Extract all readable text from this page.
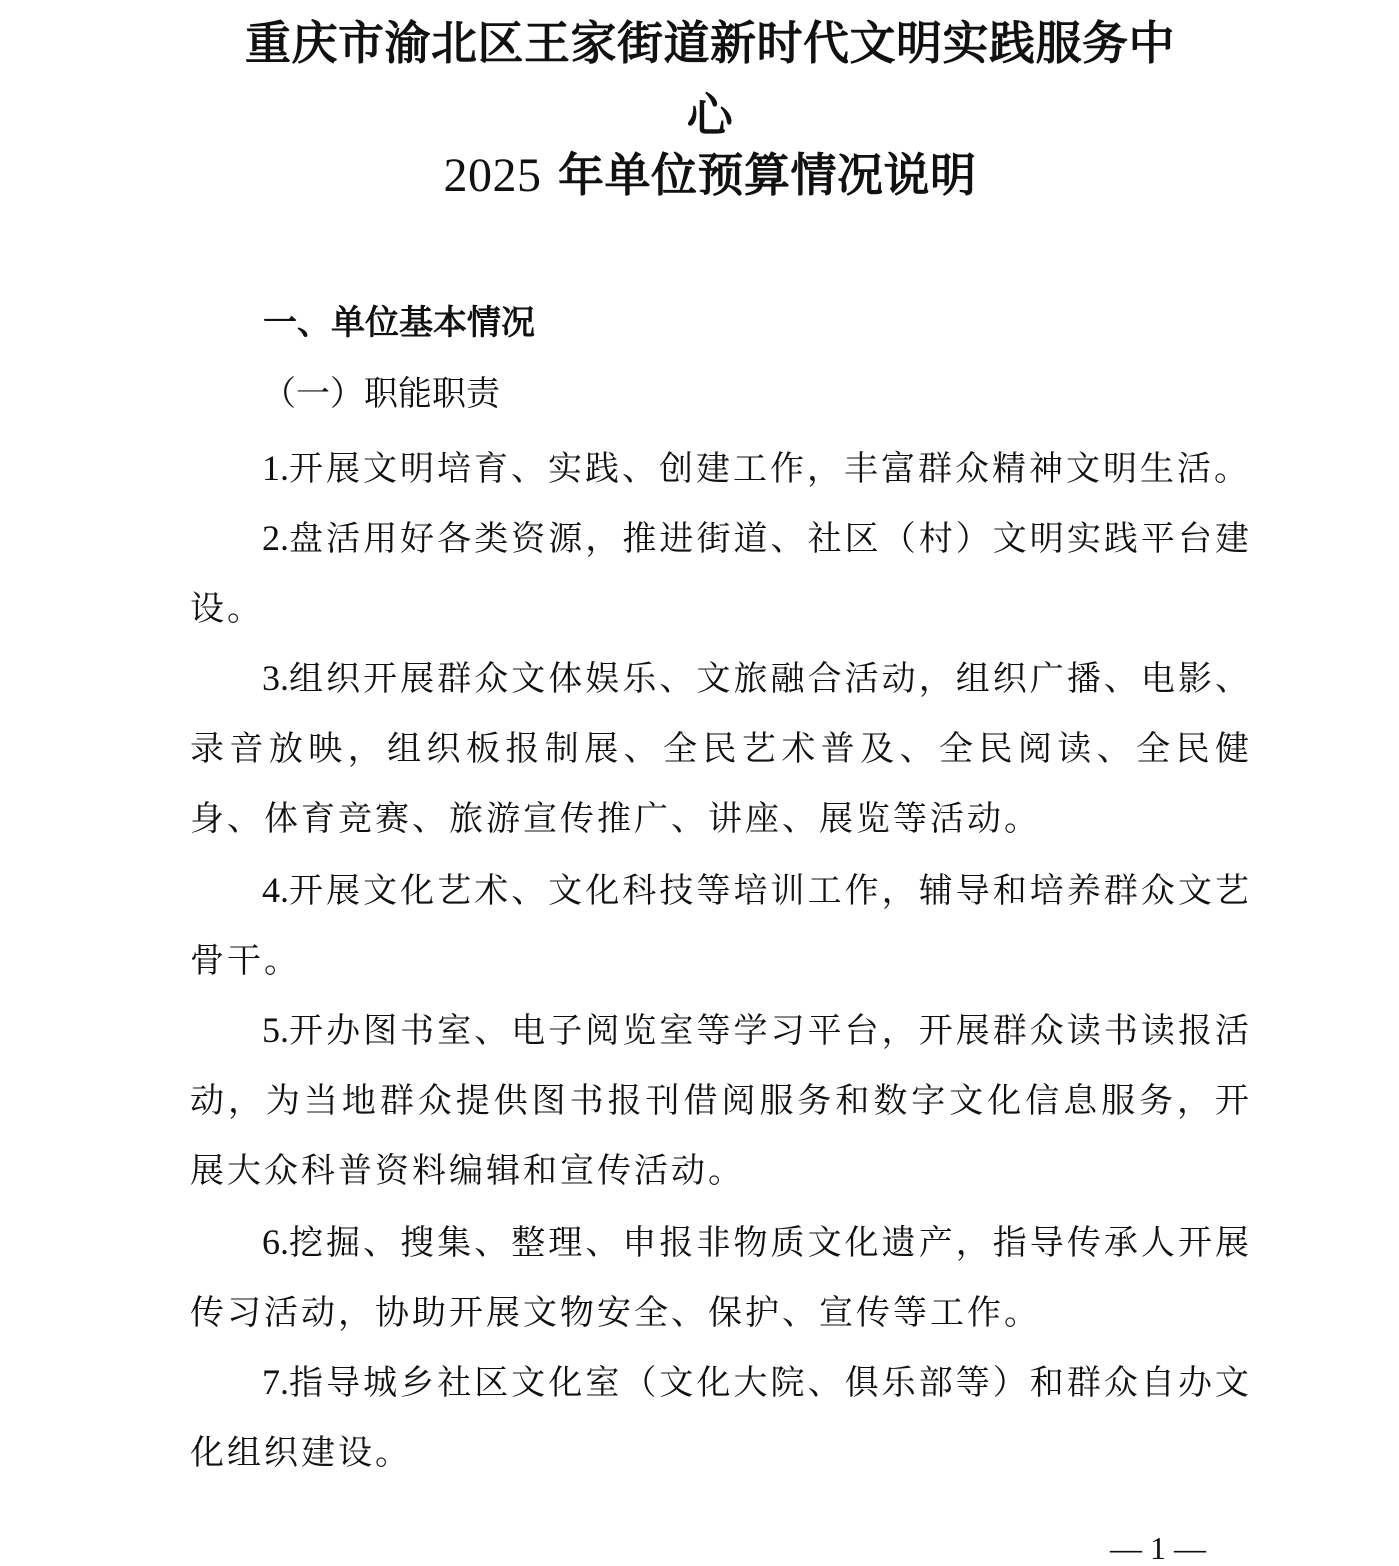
重庆市渝北区王家街道新时代文明实践服务中
心
2025 年单位预算情况说明
一、单位基本情况
（一）职能职责
1.开展文明培育、实践、创建工作，丰富群众精神文明生活。
2.盘活用好各类资源，推进街道、社区（村）文明实践平台建设。
3.组织开展群众文体娱乐、文旅融合活动，组织广播、电影、录音放映，组织板报制展、全民艺术普及、全民阅读、全民健身、体育竞赛、旅游宣传推广、讲座、展览等活动。
4.开展文化艺术、文化科技等培训工作，辅导和培养群众文艺骨干。
5.开办图书室、电子阅览室等学习平台，开展群众读书读报活动，为当地群众提供图书报刊借阅服务和数字文化信息服务，开展大众科普资料编辑和宣传活动。
6.挖掘、搜集、整理、申报非物质文化遗产，指导传承人开展传习活动，协助开展文物安全、保护、宣传等工作。
7.指导城乡社区文化室（文化大院、俱乐部等）和群众自办文化组织建设。
— 1 —
